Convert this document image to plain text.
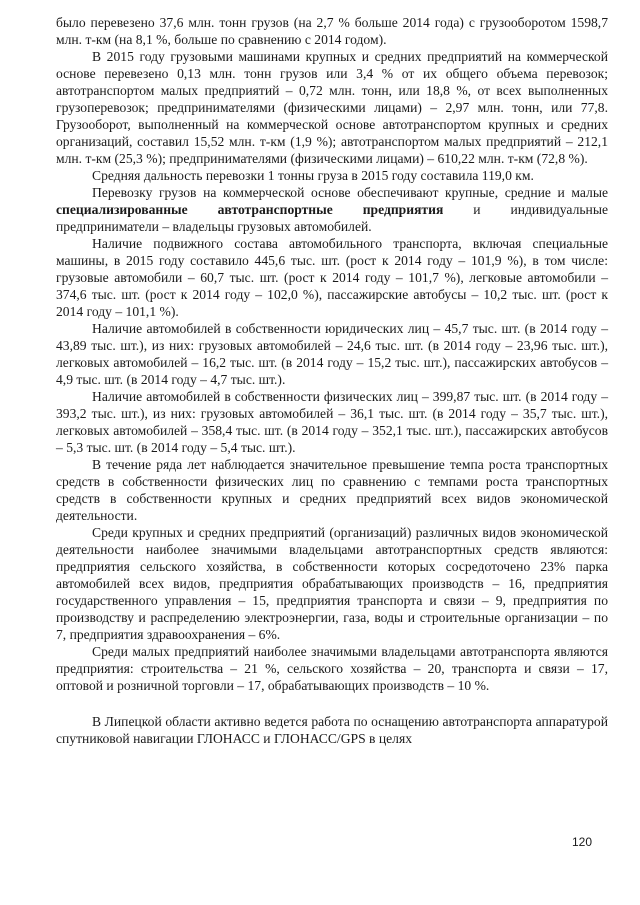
было перевезено 37,6 млн. тонн грузов (на 2,7 % больше 2014 года) с грузооборотом 1598,7 млн. т-км (на 8,1 %, больше по сравнению с 2014 годом).

В 2015 году грузовыми машинами крупных и средних предприятий на коммерческой основе перевезено 0,13 млн. тонн грузов или 3,4 % от их общего объема перевозок; автотранспортом малых предприятий – 0,72 млн. тонн, или 18,8 %, от всех выполненных грузоперевозок; предпринимателями (физическими лицами) – 2,97 млн. тонн, или 77,8. Грузооборот, выполненный на коммерческой основе автотранспортом крупных и средних организаций, составил 15,52 млн. т-км (1,9 %); автотранспортом малых предприятий – 212,1 млн. т-км (25,3 %); предпринимателями (физическими лицами) – 610,22 млн. т-км (72,8 %).

Средняя дальность перевозки 1 тонны груза в 2015 году составила 119,0 км.

Перевозку грузов на коммерческой основе обеспечивают крупные, средние и малые специализированные автотранспортные предприятия и индивидуальные предприниматели – владельцы грузовых автомобилей.

Наличие подвижного состава автомобильного транспорта, включая специальные машины, в 2015 году составило 445,6 тыс. шт. (рост к 2014 году – 101,9 %), в том числе: грузовые автомобили – 60,7 тыс. шт. (рост к 2014 году – 101,7 %), легковые автомобили – 374,6 тыс. шт. (рост к 2014 году – 102,0 %), пассажирские автобусы – 10,2 тыс. шт. (рост к 2014 году – 101,1 %).

Наличие автомобилей в собственности юридических лиц – 45,7 тыс. шт. (в 2014 году – 43,89 тыс. шт.), из них: грузовых автомобилей – 24,6 тыс. шт. (в 2014 году – 23,96 тыс. шт.), легковых автомобилей – 16,2 тыс. шт. (в 2014 году – 15,2 тыс. шт.), пассажирских автобусов – 4,9 тыс. шт. (в 2014 году – 4,7 тыс. шт.).

Наличие автомобилей в собственности физических лиц – 399,87 тыс. шт. (в 2014 году – 393,2 тыс. шт.), из них: грузовых автомобилей – 36,1 тыс. шт. (в 2014 году – 35,7 тыс. шт.), легковых автомобилей – 358,4 тыс. шт. (в 2014 году – 352,1 тыс. шт.), пассажирских автобусов – 5,3 тыс. шт. (в 2014 году – 5,4 тыс. шт.).

В течение ряда лет наблюдается значительное превышение темпа роста транспортных средств в собственности физических лиц по сравнению с темпами роста транспортных средств в собственности крупных и средних предприятий всех видов экономической деятельности.

Среди крупных и средних предприятий (организаций) различных видов экономической деятельности наиболее значимыми владельцами автотранспортных средств являются: предприятия сельского хозяйства, в собственности которых сосредоточено 23% парка автомобилей всех видов, предприятия обрабатывающих производств – 16, предприятия государственного управления – 15, предприятия транспорта и связи – 9, предприятия по производству и распределению электроэнергии, газа, воды и строительные организации – по 7, предприятия здравоохранения – 6%.

Среди малых предприятий наиболее значимыми владельцами автотранспорта являются предприятия: строительства – 21 %, сельского хозяйства – 20, транспорта и связи – 17, оптовой и розничной торговли – 17, обрабатывающих производств – 10 %.

В Липецкой области активно ведется работа по оснащению автотранспорта аппаратурой спутниковой навигации ГЛОНАСС и ГЛОНАСС/GPS в целях

120
